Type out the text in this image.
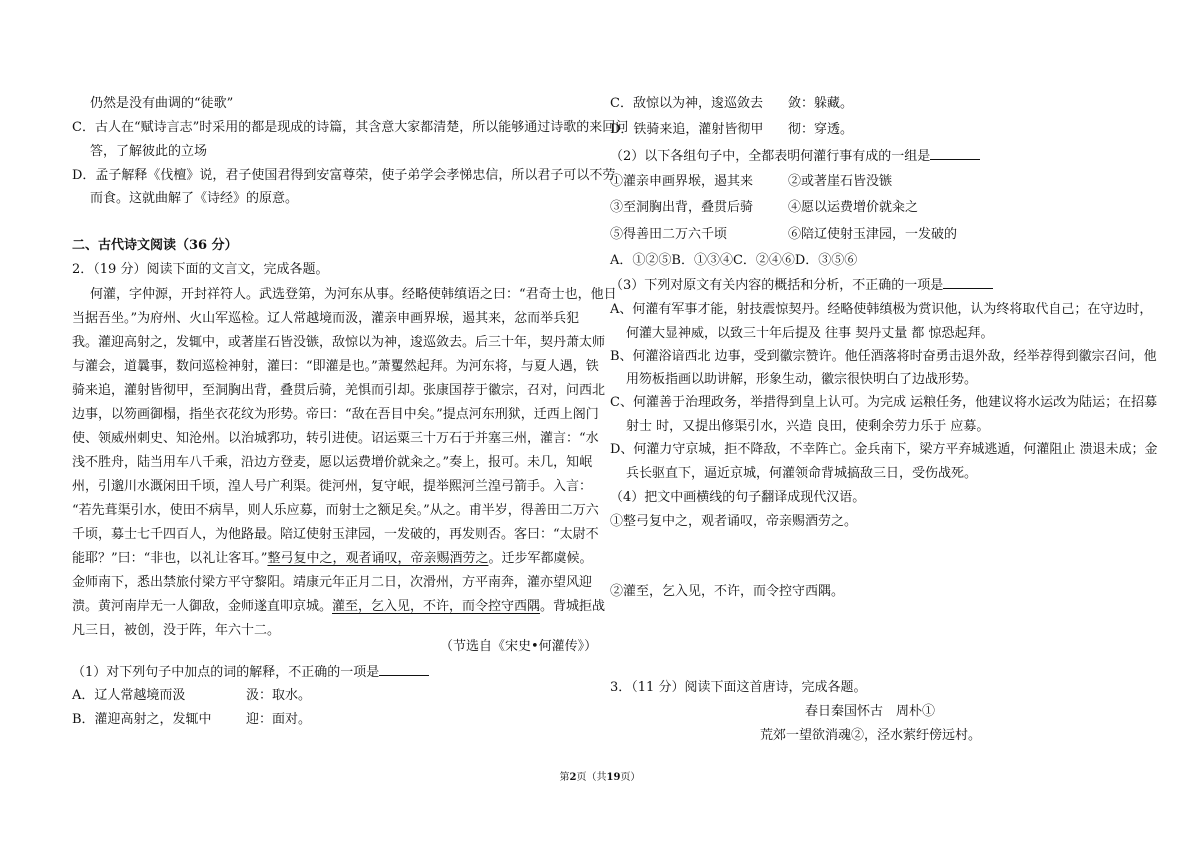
仍然是没有曲调的“徒歌”
C．古人在“赋诗言志”时采用的都是现成的诗篇，其含意大家都清楚，所以能够通过诗歌的来回问
答，了解彼此的立场
D．孟子解释《伐檀》说，君子使国君得到安富尊荣，使子弟学会孝悌忠信，所以君子可以不劳
而食。这就曲解了《诗经》的原意。
二、古代诗文阅读（36 分）
2．（19 分）阅读下面的文言文，完成各题。
何灌，字仲源，开封祥符人。武选登第，为河东从事。经略使韩缜语之曰：“君奇士也，他日
当据吾坐。”为府州、火山军巡检。辽人常越境而汲，灌亲申画界堠，遏其来，忿而举兵犯
我。灌迎高射之，发辄中，或著崖石皆没镞，敌惊以为神，逡巡敛去。后三十年，契丹萧太师
与灌会，道曩事，数问巡检神射，灌曰：“即灌是也。”萧矍然起拜。为河东将，与夏人遇，铁
骑来追，灌射皆彻甲，至洞胸出背，叠贯后骑，羌惧而引却。张康国荐于徽宗，召对，问西北
边事，以笏画御榻，指坐衣花纹为形势。帝曰：“敌在吾目中矣。”提点河东刑狱，迁西上阁门
使、领威州刺史、知沧州。以治城郛功，转引进使。诏运粟三十万石于并塞三州，灌言：“水
浅不胜舟，陆当用车八千乘，沿边方登麦，愿以运费增价就籴之。”奏上，报可。未几，知岷
州，引邈川水溉闲田千顷，湟人号广利渠。徙河州，复守岷，提举熙河兰湟弓箭手。入言：
“若先葺渠引水，使田不病旱，则人乐应募，而射士之额足矣。”从之。甫半岁，得善田二万六
千顷，募士七千四百人，为他路最。陪辽使射玉津园，一发破的，再发则否。客曰：“太尉不
能耶？”曰：“非也，以礼让客耳。”整弓复中之，观者诵叹，帝亲赐酒劳之。迁步军都虞候。
金师南下，悉出禁旅付梁方平守黎阳。靖康元年正月二日，次滑州，方平南奔，灌亦望风迎
溃。黄河南岸无一人御敌，金师遂直叩京城。灌至，乞入见，不许，而令控守西隅。背城拒战
凡三日，被创，没于阵，年六十二。
（节选自《宋史•何灌传》）
（1）对下列句子中加点的词的解释，不正确的一项是
A．辽人常越境而汲	汲：取水。
B．灌迎高射之，发辄中	迎：面对。
C．敌惊以为神，逡巡敛去 敛：躲藏。
D．铁骑来追，灌射皆彻甲 彻：穿透。
（2）以下各组句子中，全都表明何灌行事有成的一组是
①灌亲申画界堠，遏其来	②或著崖石皆没镞
③至洞胸出背，叠贯后骑	④愿以运费增价就籴之
⑤得善田二万六千顷	⑥陪辽使射玉津园，一发破的
A．①②⑤B．①③④C．②④⑥D．③⑤⑥
（3）下列对原文有关内容的概括和分析，不正确的一项是
A、何灌有军事才能，射技震惊契丹。经略使韩缜极为赏识他，认为终将取代自己；在守边时，
何灌大显神威，以致三十年后提及 往事 契丹丈量 都 惊恐起拜。
B、何灌浴谙西北 边事，受到徽宗赞许。他任酒落将时奋勇击退外敌，经举荐得到徽宗召问，他
用笏板指画以助讲解，形象生动，徽宗很快明白了边战形势。
C、何灌善于治理政务，举措得到皇上认可。为完成 运粮任务，他建议将水运改为陆运；在招募
射士 时，又提出修渠引水，兴造 良田，使剩余劳力乐于 应募。
D、何灌力守京城，拒不降敌，不幸阵亡。金兵南下，梁方平弃城逃遁，何灌阻止 溃退未成；金
兵长驱直下，逼近京城，何灌领命背城搞敌三日，受伤战死。
（4）把文中画横线的句子翻译成现代汉语。
①整弓复中之，观者诵叹，帝亲赐酒劳之。
②灌至，乞入见，不许，而令控守西隅。
3．（11 分）阅读下面这首唐诗，完成各题。
春日秦国怀古　周朴①
荒郊一望欲消魂②，泾水萦纡傍远村。
第2页（共19页）
